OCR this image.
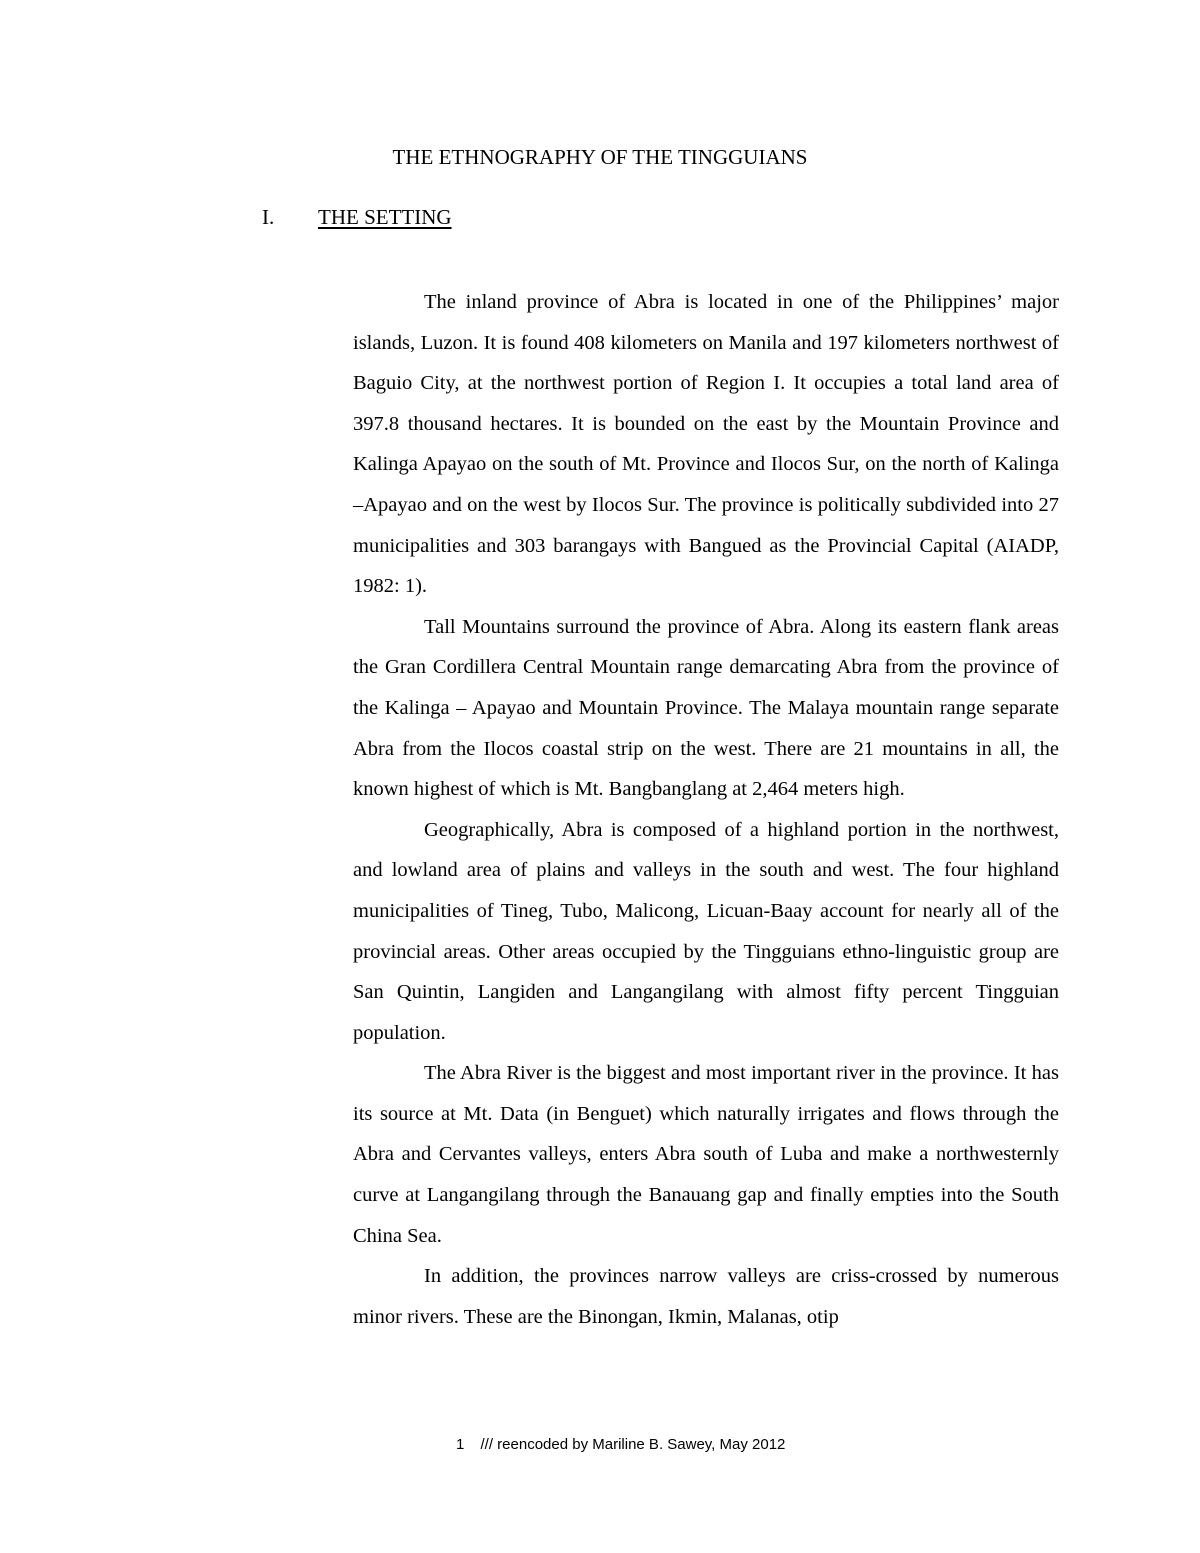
THE ETHNOGRAPHY OF THE TINGGUIANS
I. THE SETTING

The inland province of Abra is located in one of the Philippines’ major islands, Luzon. It is found 408 kilometers on Manila and 197 kilometers northwest of Baguio City, at the northwest portion of Region I. It occupies a total land area of 397.8 thousand hectares. It is bounded on the east by the Mountain Province and Kalinga Apayao on the south of Mt. Province and Ilocos Sur, on the north of Kalinga –Apayao and on the west by Ilocos Sur. The province is politically subdivided into 27 municipalities and 303 barangays with Bangued as the Provincial Capital (AIADP, 1982: 1).

Tall Mountains surround the province of Abra. Along its eastern flank areas the Gran Cordillera Central Mountain range demarcating Abra from the province of the Kalinga – Apayao and Mountain Province. The Malaya mountain range separate Abra from the Ilocos coastal strip on the west. There are 21 mountains in all, the known highest of which is Mt. Bangbanglang at 2,464 meters high.

Geographically, Abra is composed of a highland portion in the northwest, and lowland area of plains and valleys in the south and west. The four highland municipalities of Tineg, Tubo, Malicong, Licuan-Baay account for nearly all of the provincial areas. Other areas occupied by the Tingguians ethno-linguistic group are San Quintin, Langiden and Langangilang with almost fifty percent Tingguian population.

The Abra River is the biggest and most important river in the province. It has its source at Mt. Data (in Benguet) which naturally irrigates and flows through the Abra and Cervantes valleys, enters Abra south of Luba and make a northwesternly curve at Langangilang through the Banauang gap and finally empties into the South China Sea.

In addition, the provinces narrow valleys are criss-crossed by numerous minor rivers. These are the Binongan, Ikmin, Malanas, otip

1 /// reencoded by Mariline B. Sawey, May 2012
